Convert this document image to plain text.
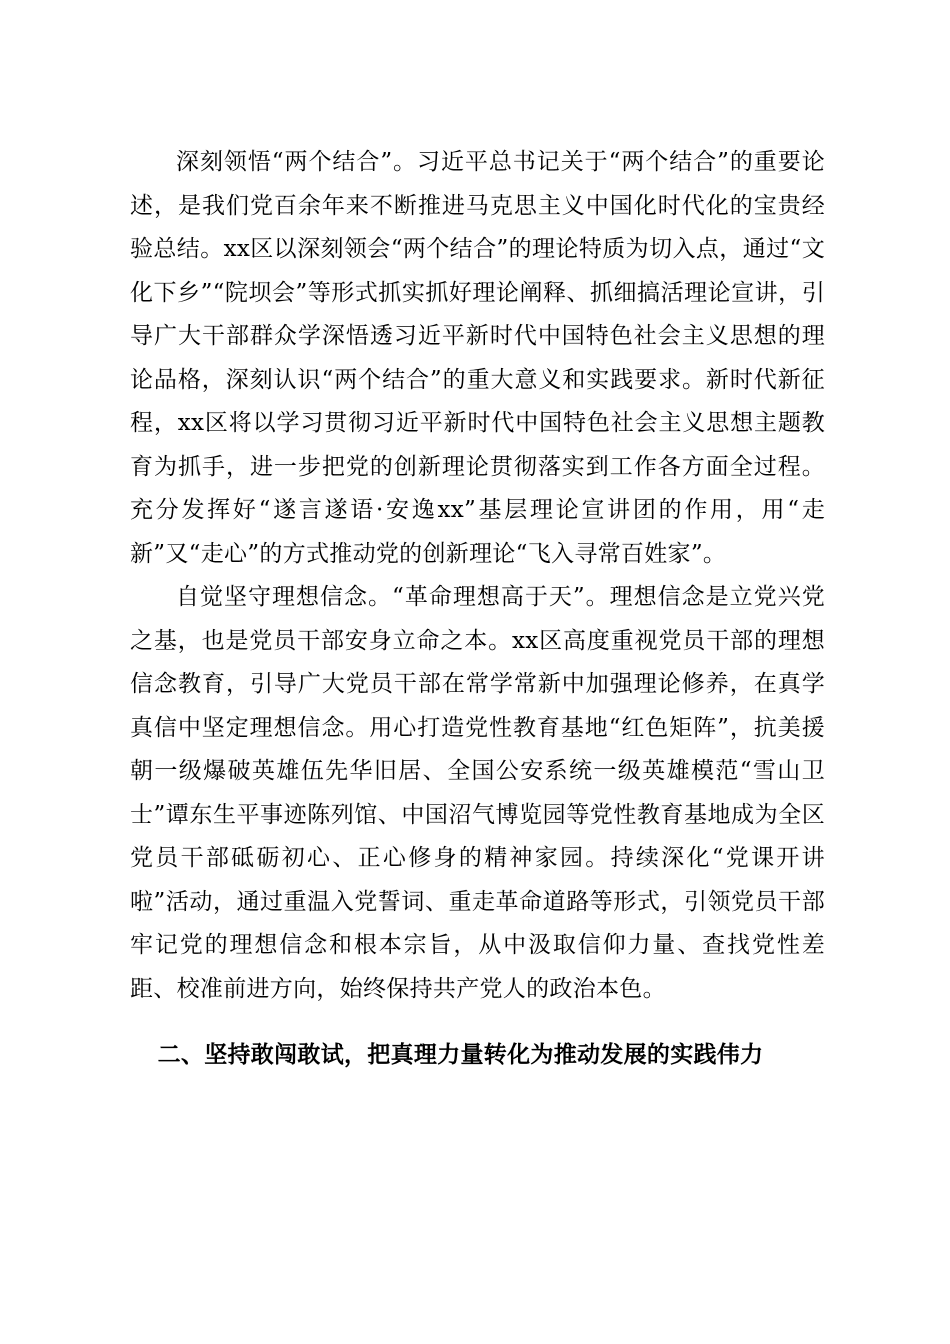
深刻领悟“两个结合”。习近平总书记关于“两个结合”的重要论述，是我们党百余年来不断推进马克思主义中国化时代化的宝贵经验总结。xx区以深刻领会“两个结合”的理论特质为切入点，通过“文化下乡”“院坝会”等形式抓实抓好理论阐释、抓细搞活理论宣讲，引导广大干部群众学深悟透习近平新时代中国特色社会主义思想的理论品格，深刻认识“两个结合”的重大意义和实践要求。新时代新征程，xx区将以学习贯彻习近平新时代中国特色社会主义思想主题教育为抓手，进一步把党的创新理论贯彻落实到工作各方面全过程。充分发挥好“遂言遂语·安逸xx”基层理论宣讲团的作用，用“走新”又“走心”的方式推动党的创新理论“飞入寻常百姓家”。

自觉坚守理想信念。“革命理想高于天”。理想信念是立党兴党之基，也是党员干部安身立命之本。xx区高度重视党员干部的理想信念教育，引导广大党员干部在常学常新中加强理论修养，在真学真信中坚定理想信念。用心打造党性教育基地“红色矩阵”，抗美援朝一级爆破英雄伍先华旧居、全国公安系统一级英雄模范“雪山卫士”谭东生平事迹陈列馆、中国沼气博览园等党性教育基地成为全区党员干部砥砺初心、正心修身的精神家园。持续深化“党课开讲啦”活动，通过重温入党誓词、重走革命道路等形式，引领党员干部牢记党的理想信念和根本宗旨，从中汲取信仰力量、查找党性差距、校准前进方向，始终保持共产党人的政治本色。

二、坚持敢闯敢试，把真理力量转化为推动发展的实践伟力
